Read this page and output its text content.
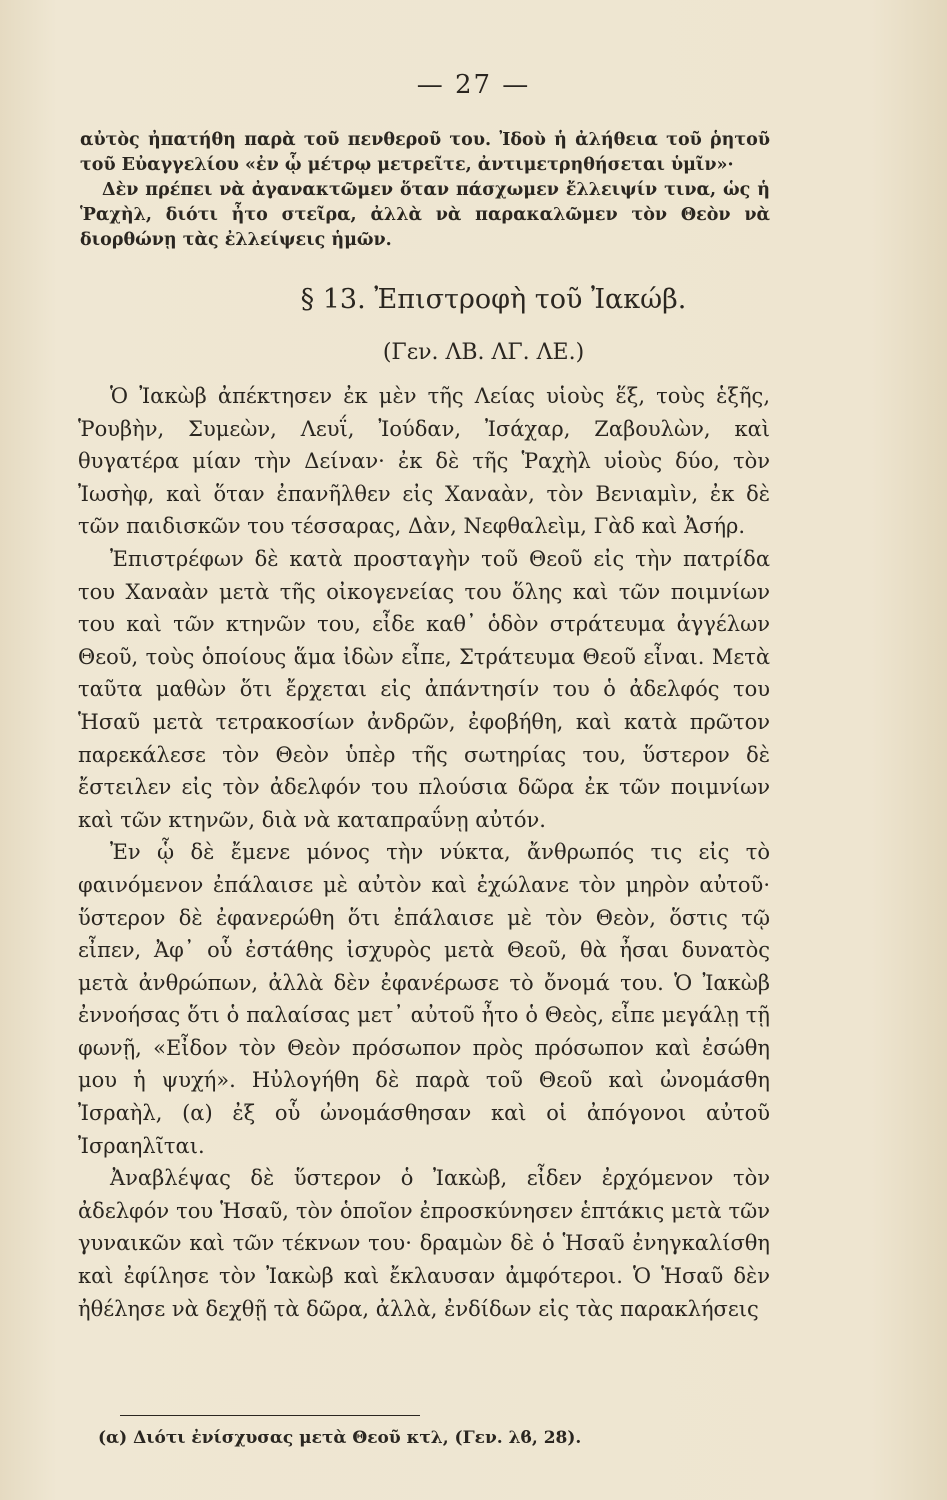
— 27 —

αὐτὸς ἠπατήθη παρὰ τοῦ πενθεροῦ του. Ἰδοὺ ἡ ἀλήθεια τοῦ ῥητοῦ τοῦ Εὐαγγελίου «ἐν ᾧ μέτρῳ μετρεῖτε, ἀντιμετρηθήσεται ὑμῖν»·

Δὲν πρέπει νὰ ἀγανακτῶμεν ὅταν πάσχωμεν ἔλλειψίν τινα, ὡς ἡ Ῥαχὴλ, διότι ἦτο στεῖρα, ἀλλὰ νὰ παρακαλῶμεν τὸν Θεὸν νὰ διορθώνῃ τὰς ἐλλείψεις ἡμῶν.

§ 13. Ἐπιστροφὴ τοῦ Ἰακώβ.
(Γεν. ΛΒ. ΛΓ. ΛΕ.)

Ὁ Ἰακὼβ ἀπέκτησεν ἐκ μὲν τῆς Λείας υἱοὺς ἕξ, τοὺς ἑξῆς, Ῥουβὴν, Συμεὼν, Λευΐ, Ἰούδαν, Ἰσάχαρ, Ζαβουλὼν, καὶ θυγατέρα μίαν τὴν Δείναν· ἐκ δὲ τῆς Ῥαχὴλ υἱοὺς δύο, τὸν Ἰωσὴφ, καὶ ὅταν ἐπανῆλθεν εἰς Χαναὰν, τὸν Βενιαμὶν, ἐκ δὲ τῶν παιδισκῶν του τέσσαρας, Δὰν, Νεφθαλεὶμ, Γὰδ καὶ Ἀσήρ.

Ἐπιστρέφων δὲ κατὰ προσταγὴν τοῦ Θεοῦ εἰς τὴν πατρίδα του Χαναὰν μετὰ τῆς οἰκογενείας του ὅλης καὶ τῶν ποιμνίων του καὶ τῶν κτηνῶν του, εἶδε καθ᾿ ὁδὸν στράτευμα ἀγγέλων Θεοῦ, τοὺς ὁποίους ἅμα ἰδὼν εἶπε, Στράτευμα Θεοῦ εἶναι. Μετὰ ταῦτα μαθὼν ὅτι ἔρχεται εἰς ἀπάντησίν του ὁ ἀδελφός του Ἡσαῦ μετὰ τετρακοσίων ἀνδρῶν, ἐφοβήθη, καὶ κατὰ πρῶτον παρεκάλεσε τὸν Θεὸν ὑπὲρ τῆς σωτηρίας του, ὕστερον δὲ ἔστειλεν εἰς τὸν ἀδελφόν του πλούσια δῶρα ἐκ τῶν ποιμνίων καὶ τῶν κτηνῶν, διὰ νὰ καταπραΰνῃ αὐτόν.

Ἐν ᾧ δὲ ἔμενε μόνος τὴν νύκτα, ἄνθρωπός τις εἰς τὸ φαινόμενον ἐπάλαισε μὲ αὐτὸν καὶ ἐχώλανε τὸν μηρὸν αὐτοῦ· ὕστερον δὲ ἐφανερώθη ὅτι ἐπάλαισε μὲ τὸν Θεὸν, ὅστις τῷ εἶπεν, Ἀφ᾿ οὗ ἐστάθης ἰσχυρὸς μετὰ Θεοῦ, θὰ ἦσαι δυνατὸς μετὰ ἀνθρώπων, ἀλλὰ δὲν ἐφανέρωσε τὸ ὄνομά του. Ὁ Ἰακὼβ ἐννοήσας ὅτι ὁ παλαίσας μετ᾿ αὐτοῦ ἦτο ὁ Θεὸς, εἶπε μεγάλῃ τῇ φωνῇ, «Εἶδον τὸν Θεὸν πρόσωπον πρὸς πρόσωπον καὶ ἐσώθη μου ἡ ψυχή». Ηὐλογήθη δὲ παρὰ τοῦ Θεοῦ καὶ ὠνομάσθη Ἰσραὴλ, (α) ἐξ οὗ ὠνομάσθησαν καὶ οἱ ἀπόγονοι αὐτοῦ Ἰσραηλῖται.

Ἀναβλέψας δὲ ὕστερον ὁ Ἰακὼβ, εἶδεν ἐρχόμενον τὸν ἀδελφόν του Ἡσαῦ, τὸν ὁποῖον ἐπροσκύνησεν ἑπτάκις μετὰ τῶν γυναικῶν καὶ τῶν τέκνων του· δραμὼν δὲ ὁ Ἡσαῦ ἐνηγκαλίσθη καὶ ἐφίλησε τὸν Ἰακὼβ καὶ ἔκλαυσαν ἀμφότεροι. Ὁ Ἡσαῦ δὲν ἠθέλησε νὰ δεχθῇ τὰ δῶρα, ἀλλὰ, ἐνδίδων εἰς τὰς παρακλήσεις

(α) Διότι ἐνίσχυσας μετὰ Θεοῦ κτλ, (Γεν. λϐ, 28).
